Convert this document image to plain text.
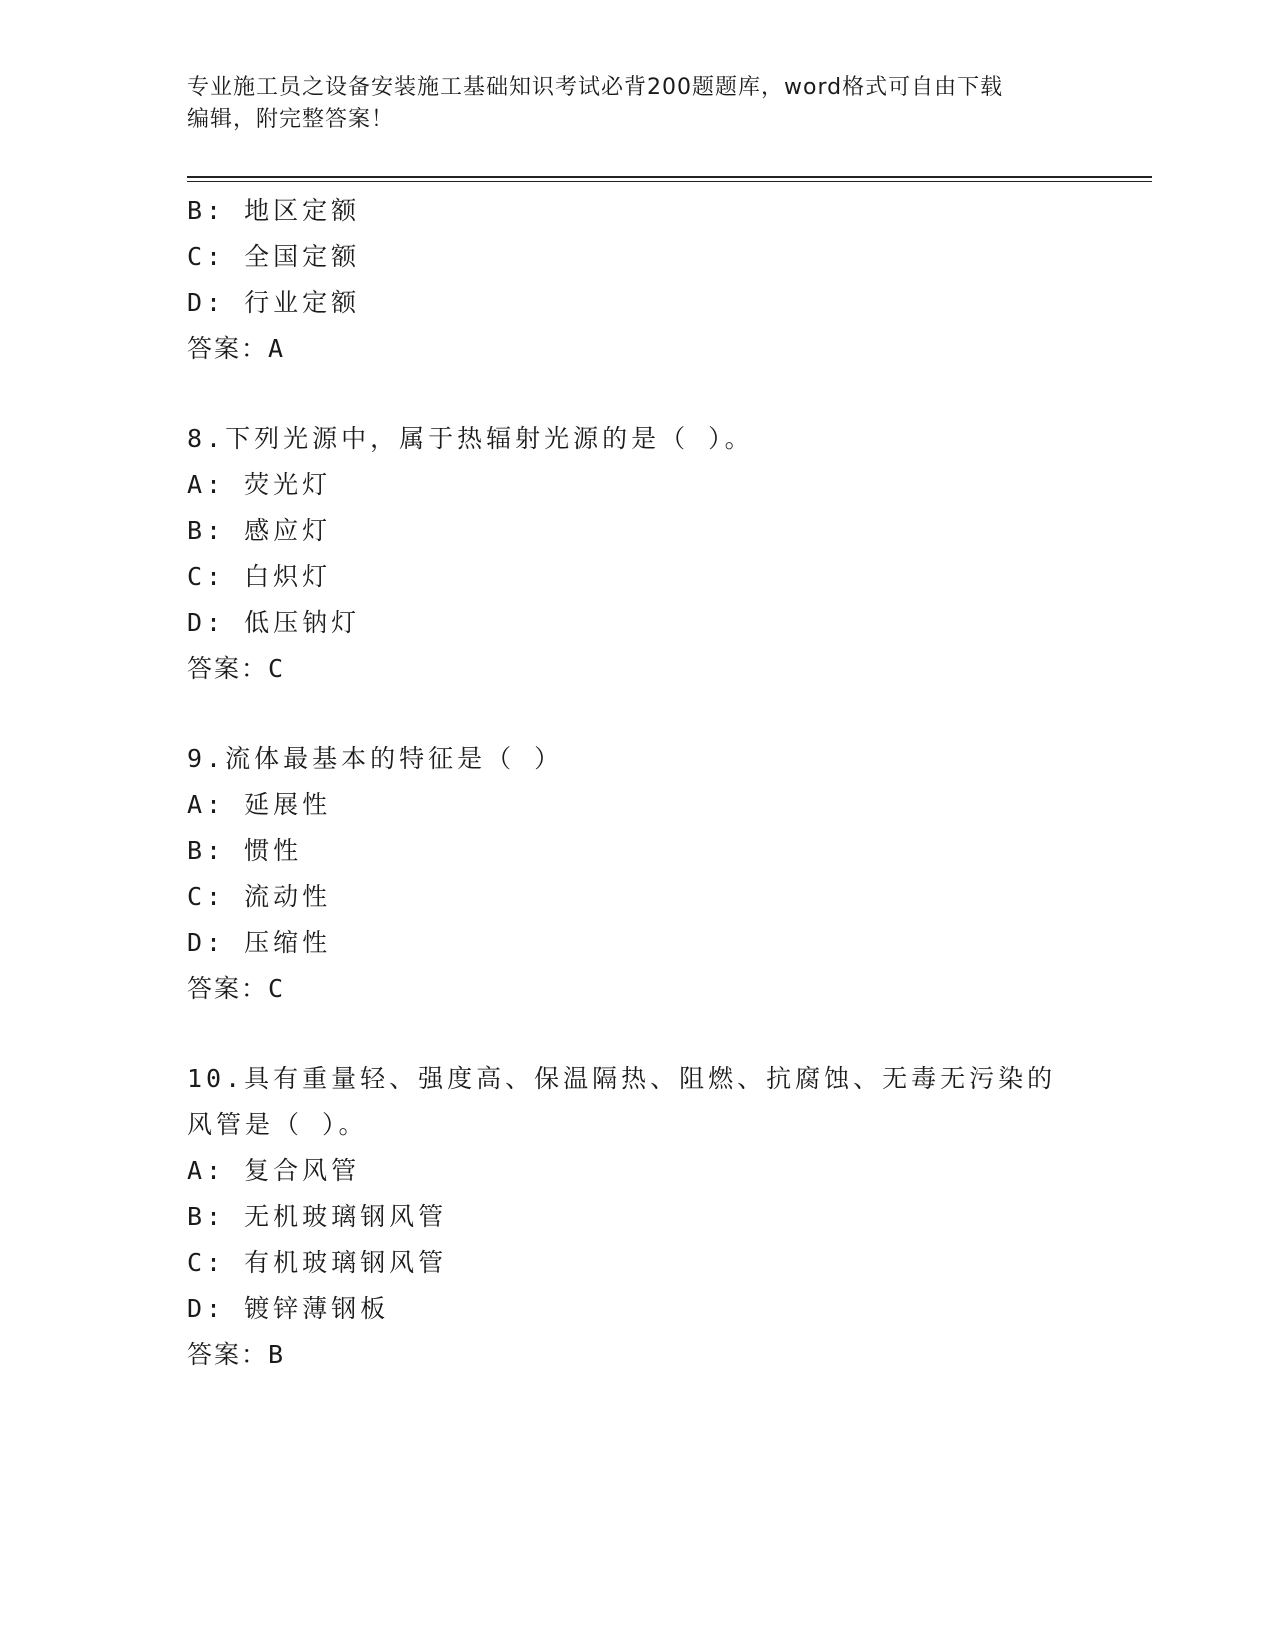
专业施工员之设备安装施工基础知识考试必背200题题库，word格式可自由下载
编辑，附完整答案！
B: 地区定额
C: 全国定额
D: 行业定额
答案：A
8.下列光源中，属于热辐射光源的是（ ）。
A: 荧光灯
B: 感应灯
C: 白炽灯
D: 低压钠灯
答案：C
9.流体最基本的特征是（ ）
A: 延展性
B: 惯性
C: 流动性
D: 压缩性
答案：C
10.具有重量轻、强度高、保温隔热、阻燃、抗腐蚀、无毒无污染的风管是（ ）。
A: 复合风管
B: 无机玻璃钢风管
C: 有机玻璃钢风管
D: 镀锌薄钢板
答案：B
